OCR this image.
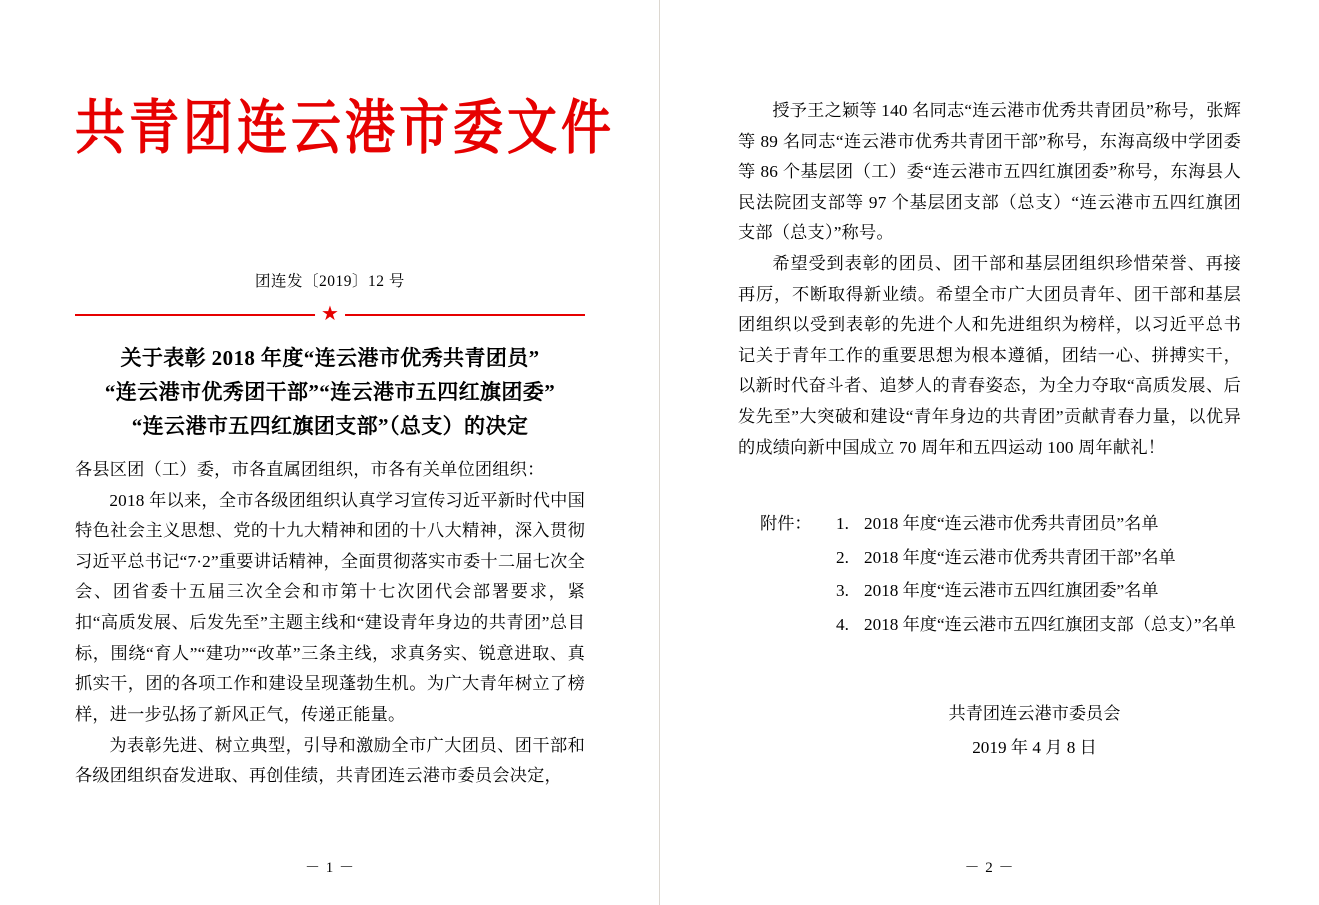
共青团连云港市委文件
团连发〔2019〕12 号
★
关于表彰 2018 年度“连云港市优秀共青团员”
“连云港市优秀团干部”“连云港市五四红旗团委”
“连云港市五四红旗团支部”（总支）的决定

各县区团（工）委，市各直属团组织，市各有关单位团组织：

2018 年以来，全市各级团组织认真学习宣传习近平新时代中国特色社会主义思想、党的十九大精神和团的十八大精神，深入贯彻习近平总书记“7·2”重要讲话精神，全面贯彻落实市委十二届七次全会、团省委十五届三次全会和市第十七次团代会部署要求，紧扣“高质发展、后发先至”主题主线和“建设青年身边的共青团”总目标，围绕“育人”“建功”“改革”三条主线，求真务实、锐意进取、真抓实干，团的各项工作和建设呈现蓬勃生机。为广大青年树立了榜样，进一步弘扬了新风正气，传递正能量。

为表彰先进、树立典型，引导和激励全市广大团员、团干部和各级团组织奋发进取、再创佳绩，共青团连云港市委员会决定，

－ 1 －

授予王之颖等 140 名同志“连云港市优秀共青团员”称号，张辉等 89 名同志“连云港市优秀共青团干部”称号，东海高级中学团委等 86 个基层团（工）委“连云港市五四红旗团委”称号，东海县人民法院团支部等 97 个基层团支部（总支）“连云港市五四红旗团支部（总支）”称号。

希望受到表彰的团员、团干部和基层团组织珍惜荣誉、再接再厉，不断取得新业绩。希望全市广大团员青年、团干部和基层团组织以受到表彰的先进个人和先进组织为榜样，以习近平总书记关于青年工作的重要思想为根本遵循，团结一心、拼搏实干，以新时代奋斗者、追梦人的青春姿态，为全力夺取“高质发展、后发先至”大突破和建设“青年身边的共青团”贡献青春力量，以优异的成绩向新中国成立 70 周年和五四运动 100 周年献礼！

附件：	1. 2018 年度“连云港市优秀共青团员”名单
2. 2018 年度“连云港市优秀共青团干部”名单
3. 2018 年度“连云港市五四红旗团委”名单
4. 2018 年度“连云港市五四红旗团支部（总支）”名单
共青团连云港市委员会
2019 年 4 月 8 日
－ 2 －
